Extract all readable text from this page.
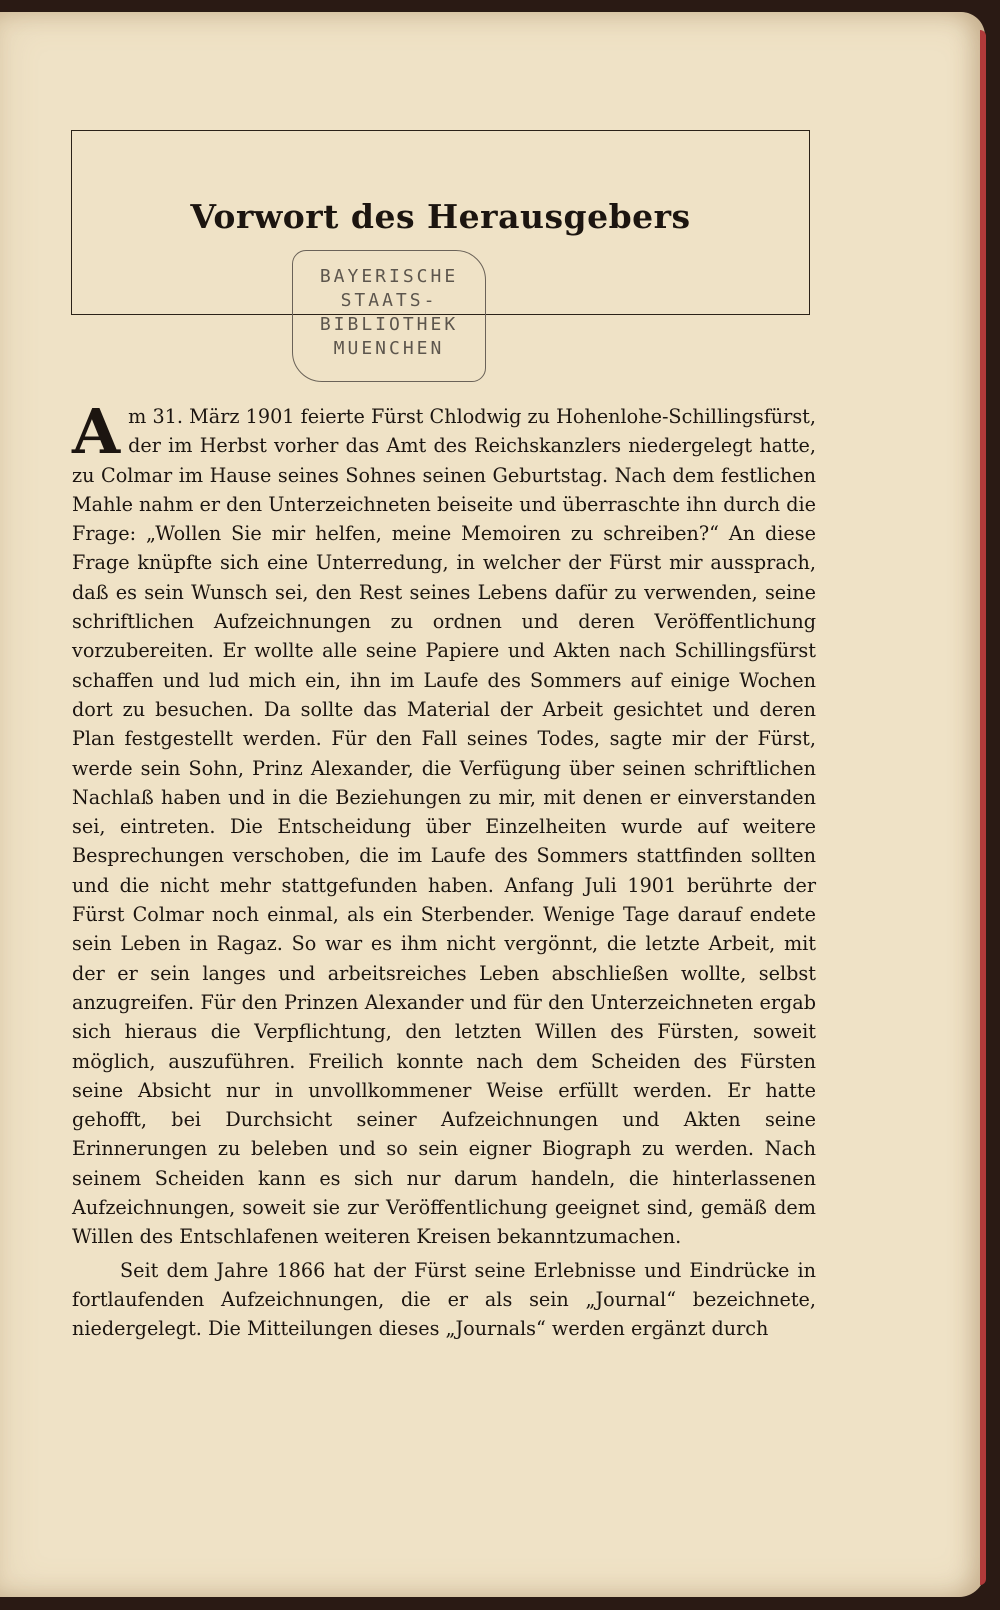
Vorwort des Herausgebers
BAYERISCHE
STAATS-
BIBLIOTHEK
MUENCHEN

Am 31. März 1901 feierte Fürst Chlodwig zu Hohenlohe-Schillingsfürst, der im Herbst vorher das Amt des Reichskanzlers niedergelegt hatte, zu Colmar im Hause seines Sohnes seinen Geburtstag. Nach dem festlichen Mahle nahm er den Unterzeichneten beiseite und überraschte ihn durch die Frage: „Wollen Sie mir helfen, meine Memoiren zu schreiben?“ An diese Frage knüpfte sich eine Unterredung, in welcher der Fürst mir aussprach, daß es sein Wunsch sei, den Rest seines Lebens dafür zu verwenden, seine schriftlichen Aufzeichnungen zu ordnen und deren Veröffentlichung vorzubereiten. Er wollte alle seine Papiere und Akten nach Schillingsfürst schaffen und lud mich ein, ihn im Laufe des Sommers auf einige Wochen dort zu besuchen. Da sollte das Material der Arbeit gesichtet und deren Plan festgestellt werden. Für den Fall seines Todes, sagte mir der Fürst, werde sein Sohn, Prinz Alexander, die Verfügung über seinen schriftlichen Nachlaß haben und in die Beziehungen zu mir, mit denen er einverstanden sei, eintreten. Die Entscheidung über Einzelheiten wurde auf weitere Besprechungen verschoben, die im Laufe des Sommers stattfinden sollten und die nicht mehr stattgefunden haben. Anfang Juli 1901 berührte der Fürst Colmar noch einmal, als ein Sterbender. Wenige Tage darauf endete sein Leben in Ragaz. So war es ihm nicht vergönnt, die letzte Arbeit, mit der er sein langes und arbeitsreiches Leben abschließen wollte, selbst anzugreifen. Für den Prinzen Alexander und für den Unterzeichneten ergab sich hieraus die Verpflichtung, den letzten Willen des Fürsten, soweit möglich, auszuführen. Freilich konnte nach dem Scheiden des Fürsten seine Absicht nur in unvollkommener Weise erfüllt werden. Er hatte gehofft, bei Durchsicht seiner Aufzeichnungen und Akten seine Erinnerungen zu beleben und so sein eigner Biograph zu werden. Nach seinem Scheiden kann es sich nur darum handeln, die hinterlassenen Aufzeichnungen, soweit sie zur Veröffentlichung geeignet sind, gemäß dem Willen des Entschlafenen weiteren Kreisen bekanntzumachen.

Seit dem Jahre 1866 hat der Fürst seine Erlebnisse und Eindrücke in fortlaufenden Aufzeichnungen, die er als sein „Journal“ bezeichnete, niedergelegt. Die Mitteilungen dieses „Journals“ werden ergänzt durch
